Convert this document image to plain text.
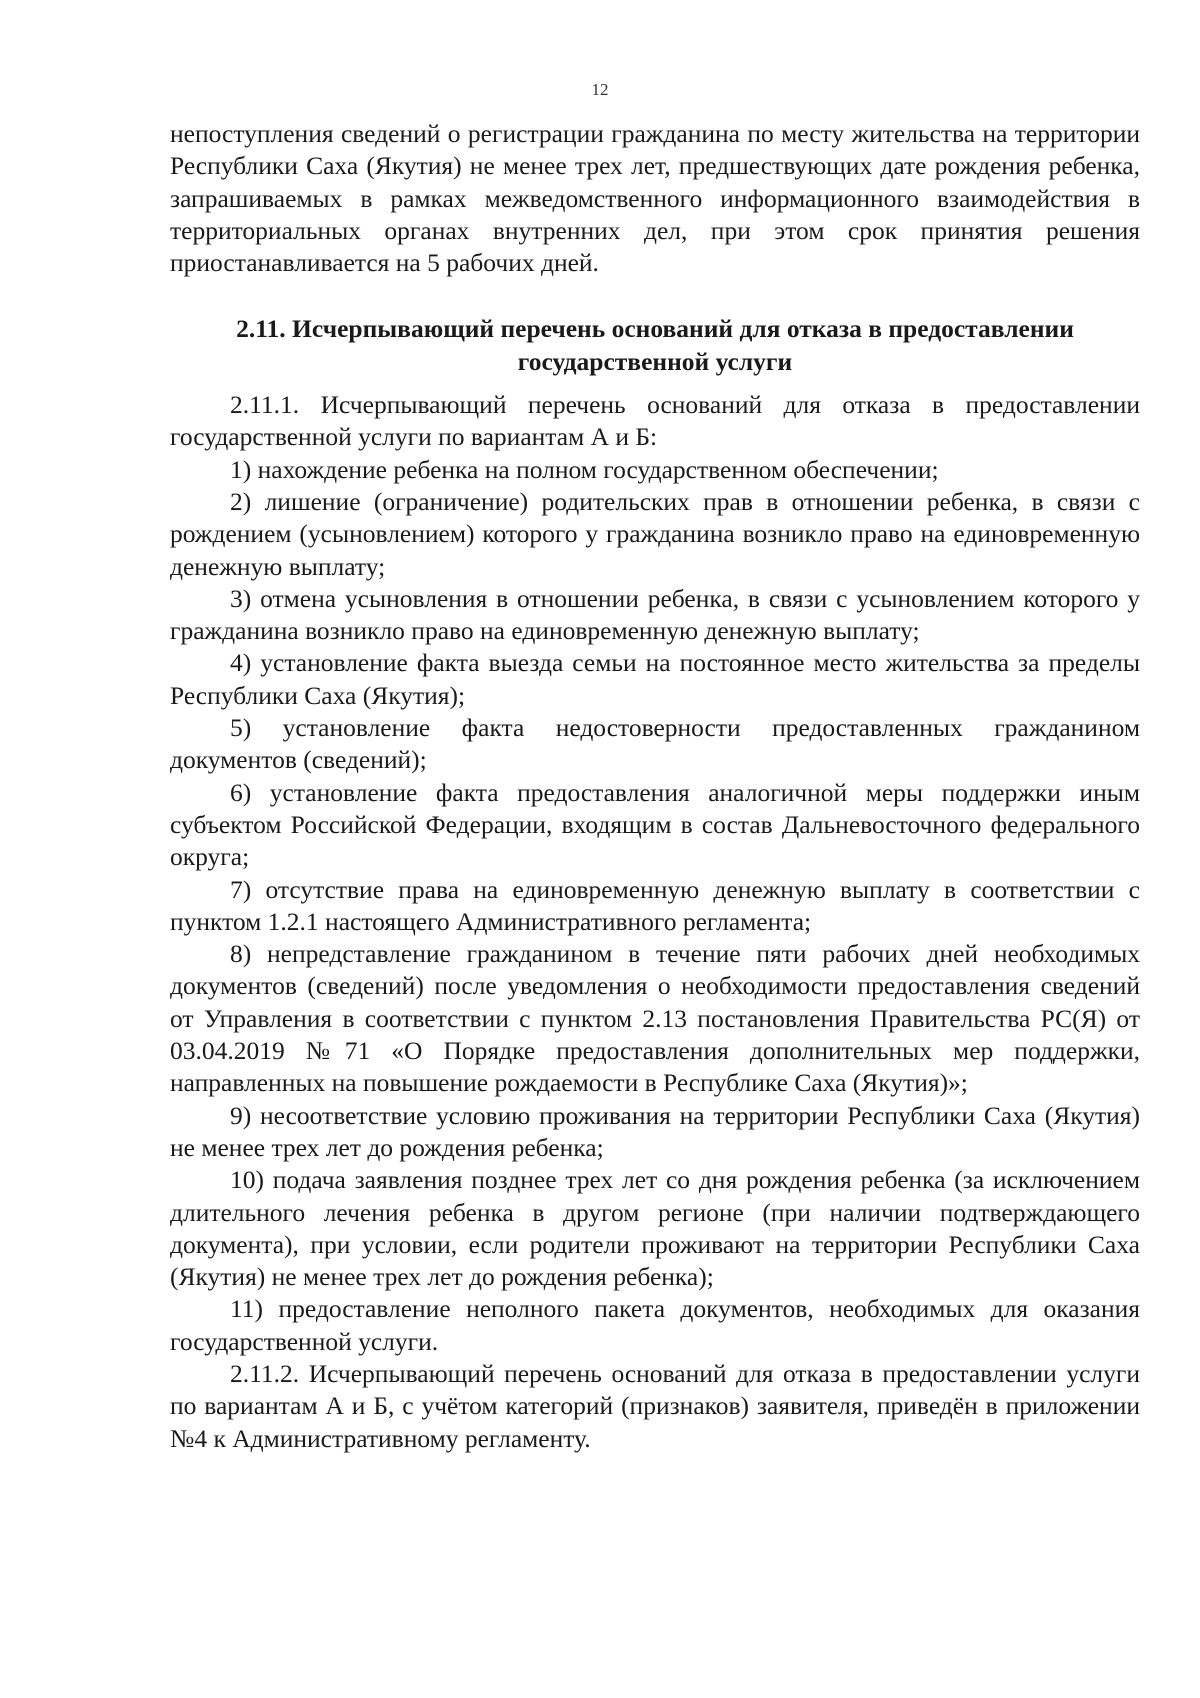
12

непоступления сведений о регистрации гражданина по месту жительства на территории Республики Саха (Якутия) не менее трех лет, предшествующих дате рождения ребенка, запрашиваемых в рамках межведомственного информационного взаимодействия в территориальных органах внутренних дел, при этом срок принятия решения приостанавливается на 5 рабочих дней.

2.11. Исчерпывающий перечень оснований для отказа в предоставлении
государственной услуги

2.11.1. Исчерпывающий перечень оснований для отказа в предоставлении государственной услуги по вариантам А и Б:

1) нахождение ребенка на полном государственном обеспечении;

2) лишение (ограничение) родительских прав в отношении ребенка, в связи с рождением (усыновлением) которого у гражданина возникло право на единовременную денежную выплату;

3) отмена усыновления в отношении ребенка, в связи с усыновлением которого у гражданина возникло право на единовременную денежную выплату;

4) установление факта выезда семьи на постоянное место жительства за пределы Республики Саха (Якутия);

5) установление факта недостоверности предоставленных гражданином документов (сведений);

6) установление факта предоставления аналогичной меры поддержки иным субъектом Российской Федерации, входящим в состав Дальневосточного федерального округа;

7) отсутствие права на единовременную денежную выплату в соответствии с пунктом 1.2.1 настоящего Административного регламента;

8) непредставление гражданином в течение пяти рабочих дней необходимых документов (сведений) после уведомления о необходимости предоставления сведений от Управления в соответствии с пунктом 2.13 постановления Правительства РС(Я) от 03.04.2019 №71 «О Порядке предоставления дополнительных мер поддержки, направленных на повышение рождаемости в Республике Саха (Якутия)»;

9) несоответствие условию проживания на территории Республики Саха (Якутия) не менее трех лет до рождения ребенка;

10) подача заявления позднее трех лет со дня рождения ребенка (за исключением длительного лечения ребенка в другом регионе (при наличии подтверждающего документа), при условии, если родители проживают на территории Республики Саха (Якутия) не менее трех лет до рождения ребенка);

11) предоставление неполного пакета документов, необходимых для оказания государственной услуги.

2.11.2. Исчерпывающий перечень оснований для отказа в предоставлении услуги по вариантам А и Б, с учётом категорий (признаков) заявителя, приведён в приложении №4 к Административному регламенту.
